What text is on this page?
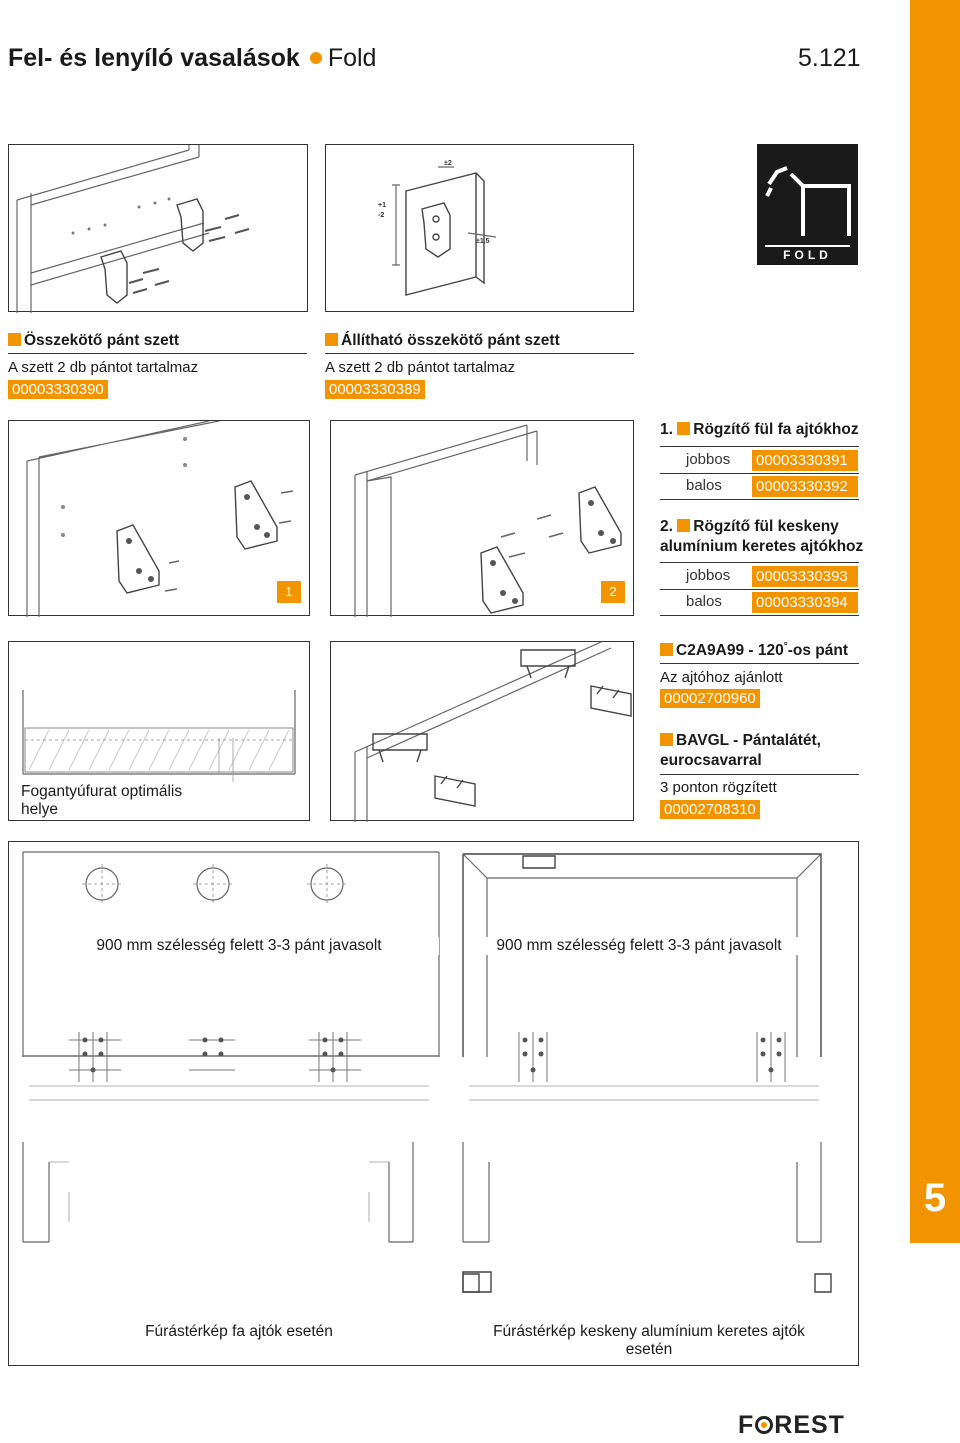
Fel- és lenyíló vasalások Fold	5.121
5
FOLD
+1
-2
±2
±1.5
Összekötő pánt szett
A szett 2 db pántot tartalmaz
00003330390
Állítható összekötő pánt szett
A szett 2 db pántot tartalmaz
00003330389
1	2
1. Rögzítő fül fa ajtókhoz
jobbos 00003330391
balos 00003330392
2. Rögzítő fül keskeny
alumínium keretes ajtókhoz
jobbos 00003330393
balos 00003330394
Fogantyúfurat optimális helye
C2A9A99 - 120°-os pánt
Az ajtóhoz ajánlott
00002700960
BAVGL - Pántalátét,
eurocsavarral
3 ponton rögzített
00002708310
900 mm szélesség felett 3-3 pánt javasolt	900 mm szélesség felett 3-3 pánt javasolt
Fúrástérkép fa ajtók esetén	Fúrástérkép keskeny alumínium keretes ajtók esetén
F REST
